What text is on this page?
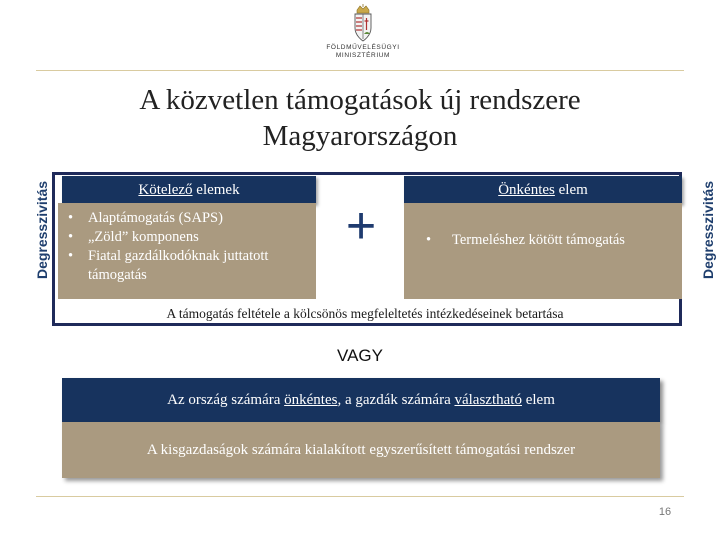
FÖLDMŰVELÉSÜGYI
MINISZTÉRIUM
A közvetlen támogatások új rendszere
Magyarországon
Degresszivitás	Degresszivitás
Kötelező elemek	Önkéntes elem
• Alaptámogatás (SAPS)
• „Zöld” komponens
• Fiatal gazdálkodóknak juttatott támogatás
+
•	Termeléshez kötött támogatás
A támogatás feltétele a kölcsönös megfeleltetés intézkedéseinek betartása
VAGY
Az ország számára önkéntes, a gazdák számára választható elem
A kisgazdaságok számára kialakított egyszerűsített támogatási rendszer
16
